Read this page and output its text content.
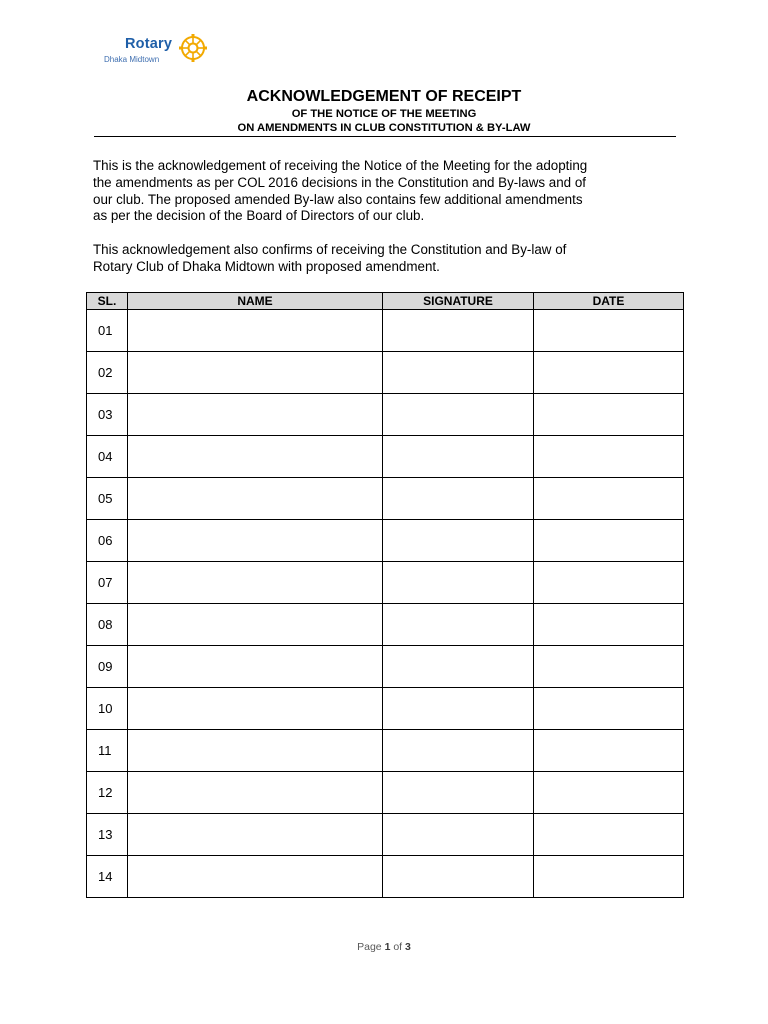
Rotary
Dhaka Midtown
ACKNOWLEDGEMENT OF RECEIPT
OF THE NOTICE OF THE MEETING
ON AMENDMENTS IN CLUB CONSTITUTION & BY-LAW
This is the acknowledgement of receiving the Notice of the Meeting for the adopting
the amendments as per COL 2016 decisions in the Constitution and By-laws and of
our club. The proposed amended By-law also contains few additional amendments
as per the decision of the Board of Directors of our club.
This acknowledgement also confirms of receiving the Constitution and By-law of
Rotary Club of Dhaka Midtown with proposed amendment.
SL.	NAME	SIGNATURE	DATE
01			
02			
03			
04			
05			
06			
07			
08			
09			
10			
11			
12			
13			
14			
Page 1 of 3
